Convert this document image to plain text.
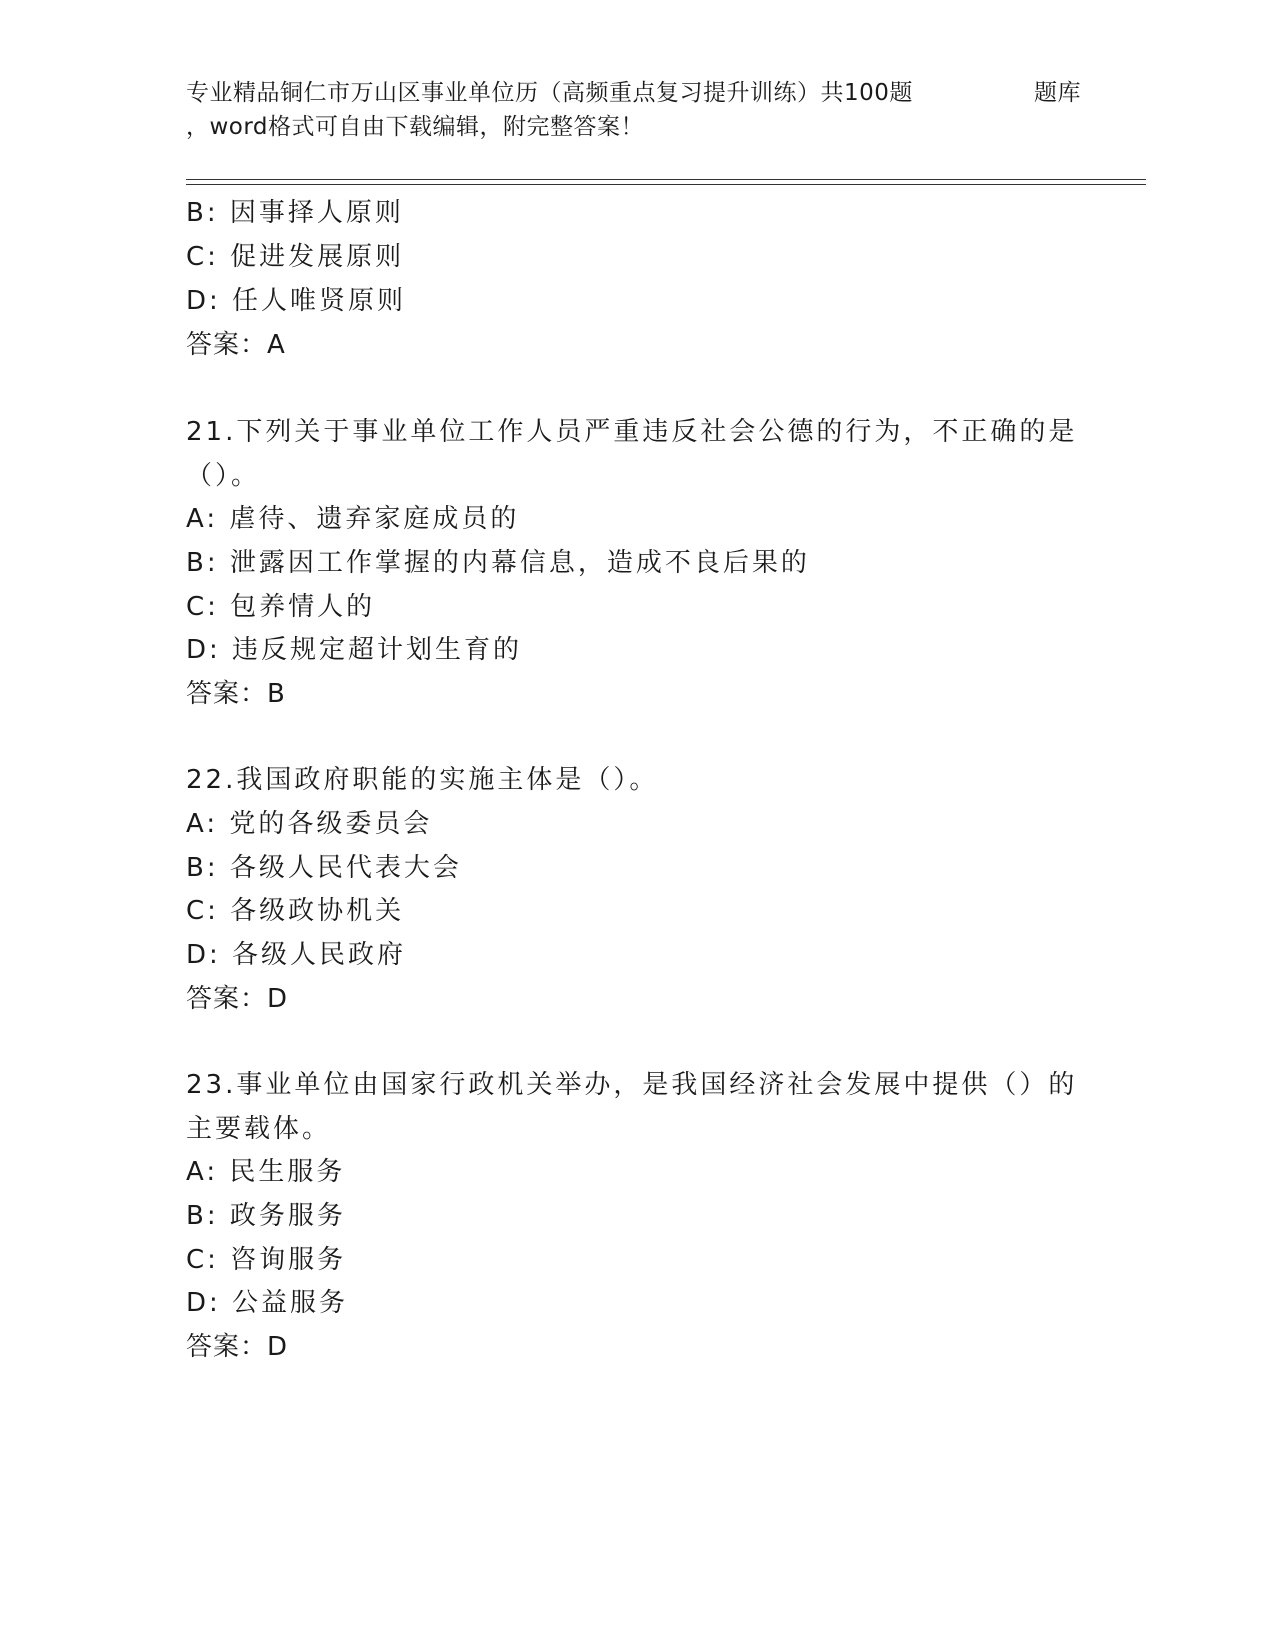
专业精品铜仁市万山区事业单位历（高频重点复习提升训练）共100题	题库
，word格式可自由下载编辑，附完整答案！
B: 因事择人原则
C: 促进发展原则
D: 任人唯贤原则
答案：A
21.下列关于事业单位工作人员严重违反社会公德的行为，不正确的是
（）。
A: 虐待、遗弃家庭成员的
B: 泄露因工作掌握的内幕信息，造成不良后果的
C: 包养情人的
D: 违反规定超计划生育的
答案：B
22.我国政府职能的实施主体是（）。
A: 党的各级委员会
B: 各级人民代表大会
C: 各级政协机关
D: 各级人民政府
答案：D
23.事业单位由国家行政机关举办，是我国经济社会发展中提供（）的
主要载体。
A: 民生服务
B: 政务服务
C: 咨询服务
D: 公益服务
答案：D
